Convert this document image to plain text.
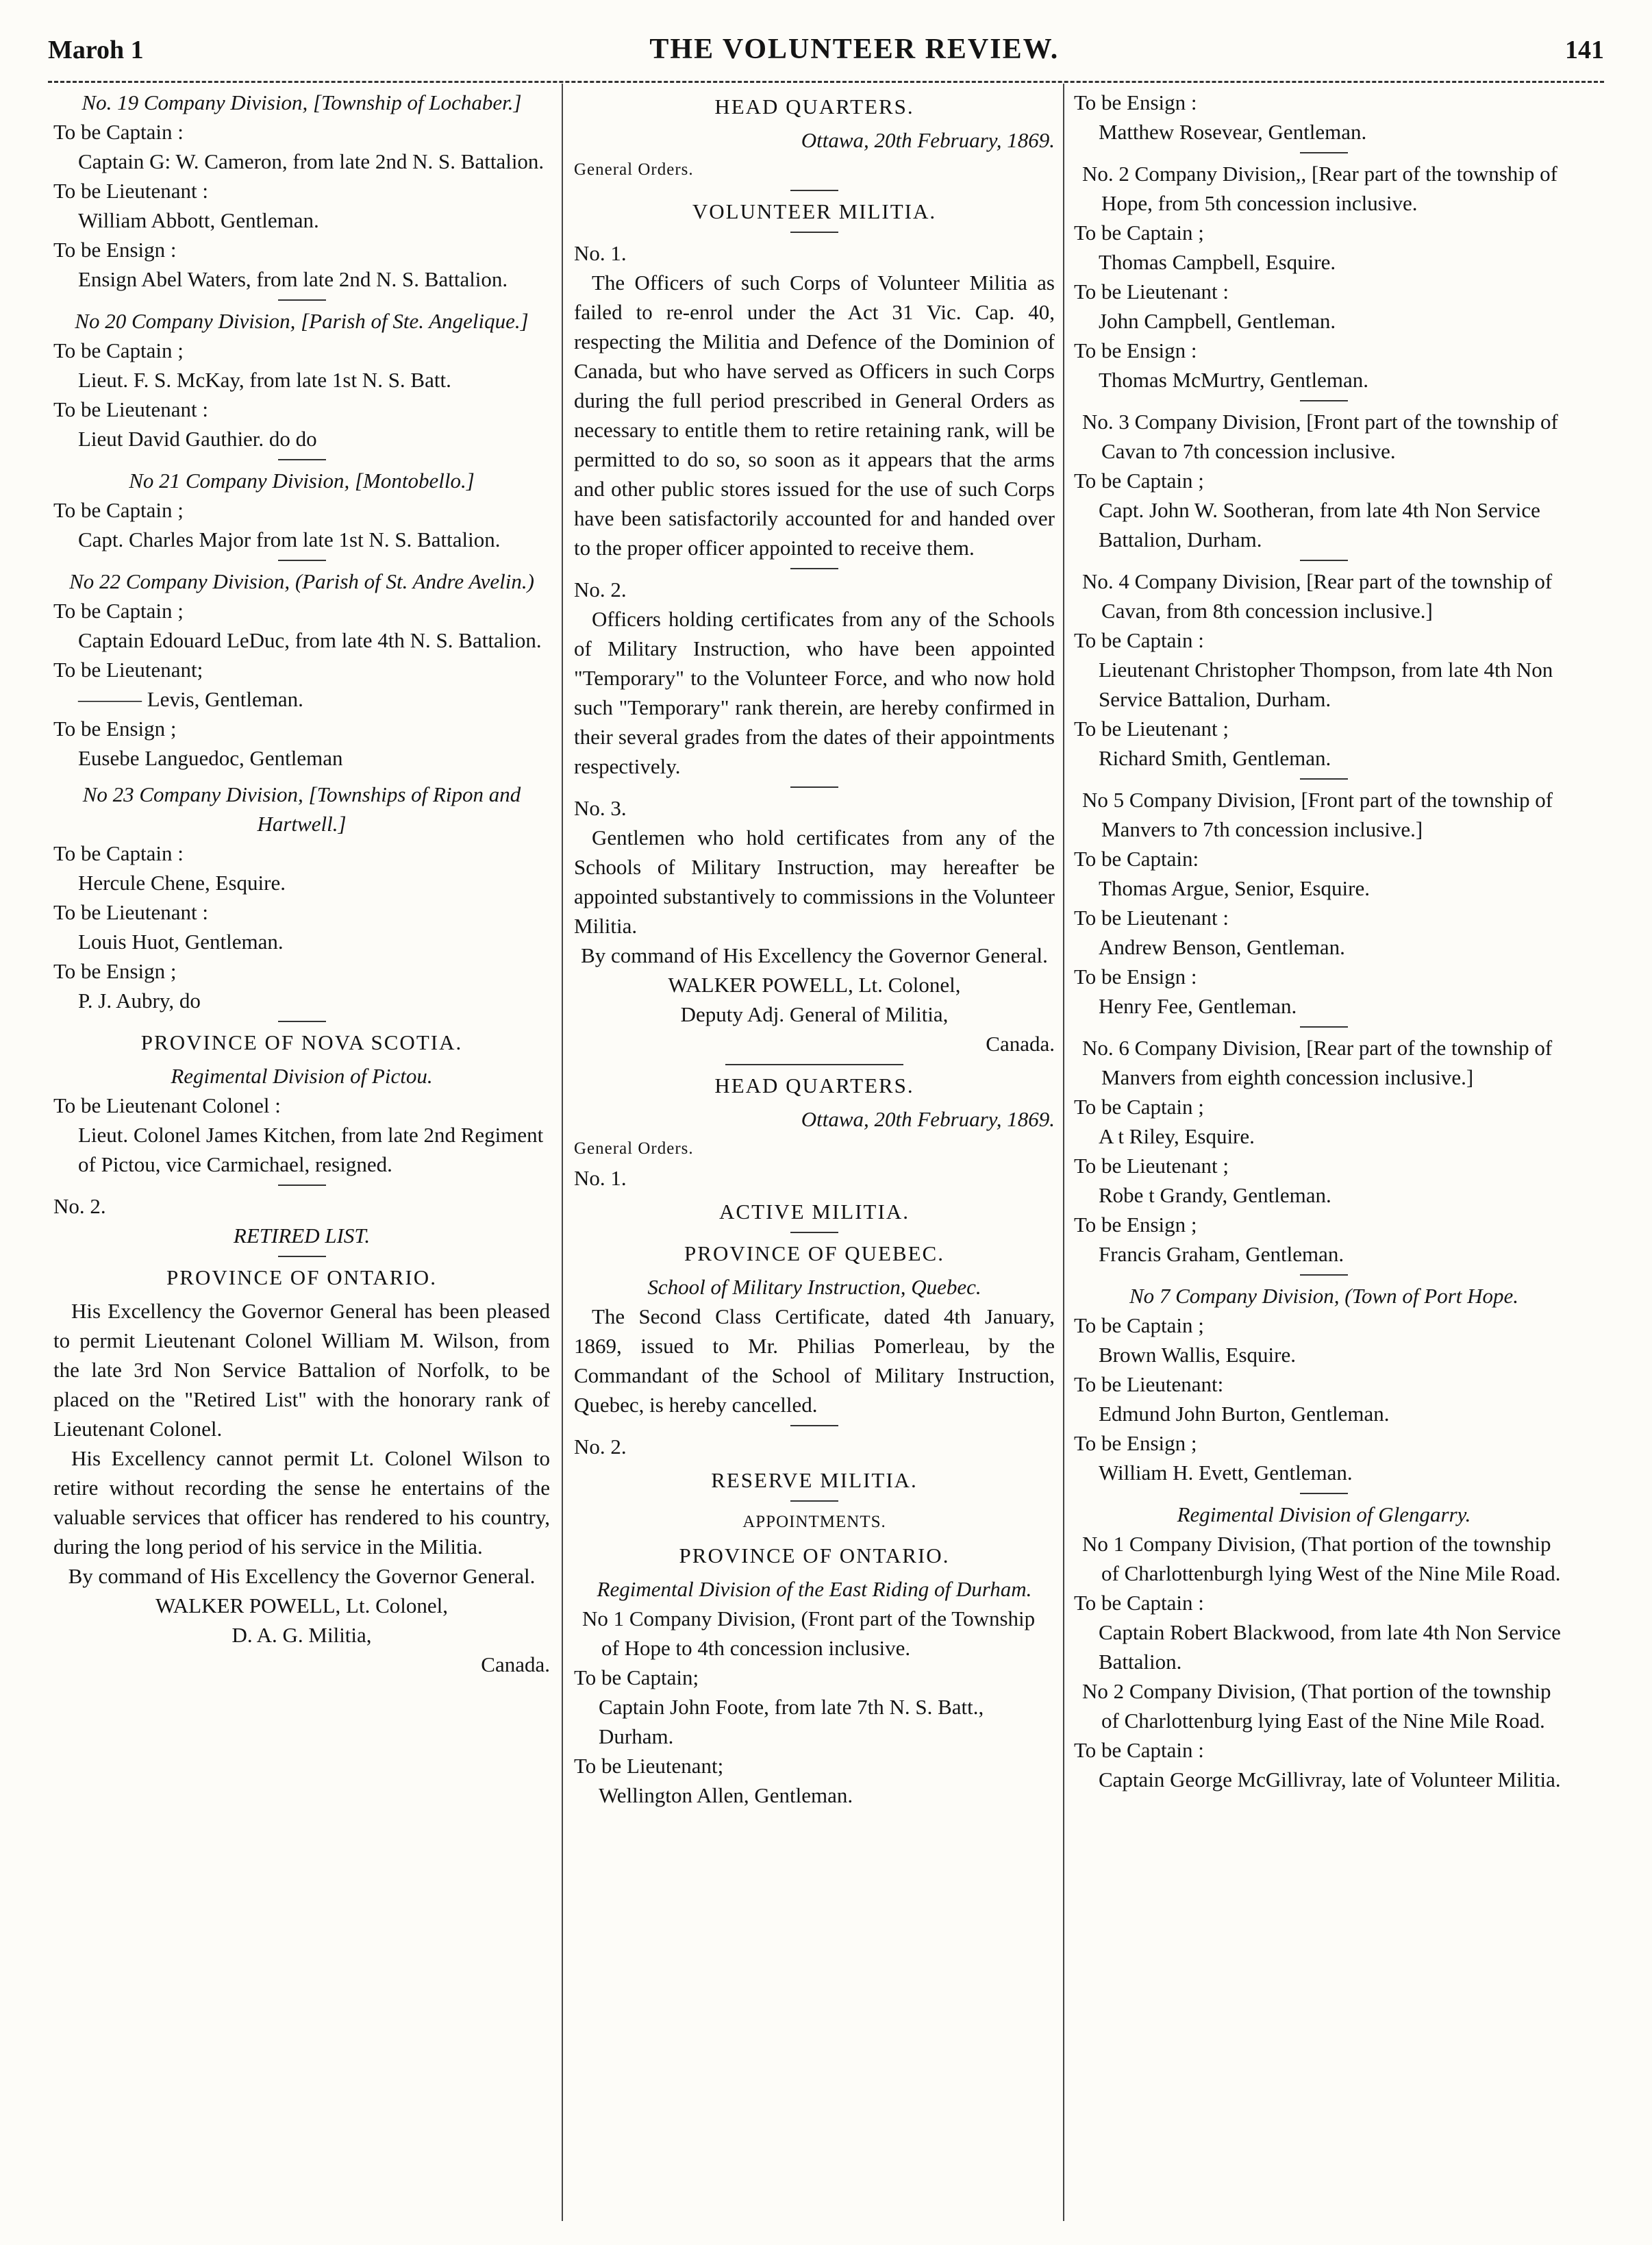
Maroh 1	THE VOLUNTEER REVIEW.	141

No. 19 Company Division, [Township of Lochaber.]

To be Captain :

Captain G: W. Cameron, from late 2nd N. S. Battalion.

To be Lieutenant :

William Abbott, Gentleman.

To be Ensign :

Ensign Abel Waters, from late 2nd N. S. Battalion.

No 20 Company Division, [Parish of Ste. Angelique.]

To be Captain ;

Lieut. F. S. McKay, from late 1st N. S. Batt.

To be Lieutenant :

Lieut David Gauthier. do do

No 21 Company Division, [Montobello.]

To be Captain ;

Capt. Charles Major from late 1st N. S. Battalion.

No 22 Company Division, (Parish of St. Andre Avelin.)

To be Captain ;

Captain Edouard LeDuc, from late 4th N. S. Battalion.

To be Lieutenant;

——— Levis, Gentleman.

To be Ensign ;

Eusebe Languedoc, Gentleman

No 23 Company Division, [Townships of Ripon and Hartwell.]

To be Captain :

Hercule Chene, Esquire.

To be Lieutenant :

Louis Huot, Gentleman.

To be Ensign ;

P. J. Aubry, do

PROVINCE OF NOVA SCOTIA.

Regimental Division of Pictou.

To be Lieutenant Colonel :

Lieut. Colonel James Kitchen, from late 2nd Regiment of Pictou, vice Carmichael, resigned.

No. 2.

RETIRED LIST.

PROVINCE OF ONTARIO.

His Excellency the Governor General has been pleased to permit Lieutenant Colonel William M. Wilson, from the late 3rd Non Service Battalion of Norfolk, to be placed on the "Retired List" with the honorary rank of Lieutenant Colonel.

His Excellency cannot permit Lt. Colonel Wilson to retire without recording the sense he entertains of the valuable services that officer has rendered to his country, during the long period of his service in the Militia.

By command of His Excellency the Governor General.

WALKER POWELL, Lt. Colonel,

D. A. G. Militia,

Canada.

HEAD QUARTERS.

Ottawa, 20th February, 1869.

General Orders.

VOLUNTEER MILITIA.

No. 1.

The Officers of such Corps of Volunteer Militia as failed to re-enrol under the Act 31 Vic. Cap. 40, respecting the Militia and Defence of the Dominion of Canada, but who have served as Officers in such Corps during the full period prescribed in General Orders as necessary to entitle them to retire retaining rank, will be permitted to do so, so soon as it appears that the arms and other public stores issued for the use of such Corps have been satisfactorily accounted for and handed over to the proper officer appointed to receive them.

No. 2.

Officers holding certificates from any of the Schools of Military Instruction, who have been appointed "Temporary" to the Volunteer Force, and who now hold such "Temporary" rank therein, are hereby confirmed in their several grades from the dates of their appointments respectively.

No. 3.

Gentlemen who hold certificates from any of the Schools of Military Instruction, may hereafter be appointed substantively to commissions in the Volunteer Militia.

By command of His Excellency the Governor General.

WALKER POWELL, Lt. Colonel,

Deputy Adj. General of Militia,

Canada.

HEAD QUARTERS.

Ottawa, 20th February, 1869.

General Orders.

No. 1.

ACTIVE MILITIA.

PROVINCE OF QUEBEC.

School of Military Instruction, Quebec.

The Second Class Certificate, dated 4th January, 1869, issued to Mr. Philias Pomerleau, by the Commandant of the School of Military Instruction, Quebec, is hereby cancelled.

No. 2.

RESERVE MILITIA.

APPOINTMENTS.

PROVINCE OF ONTARIO.

Regimental Division of the East Riding of Durham.

No 1 Company Division, (Front part of the Township of Hope to 4th concession inclusive.

To be Captain;

Captain John Foote, from late 7th N. S. Batt., Durham.

To be Lieutenant;

Wellington Allen, Gentleman.

To be Ensign :

Matthew Rosevear, Gentleman.

No. 2 Company Division,, [Rear part of the township of Hope, from 5th concession inclusive.

To be Captain ;

Thomas Campbell, Esquire.

To be Lieutenant :

John Campbell, Gentleman.

To be Ensign :

Thomas McMurtry, Gentleman.

No. 3 Company Division, [Front part of the township of Cavan to 7th concession inclusive.

To be Captain ;

Capt. John W. Sootheran, from late 4th Non Service Battalion, Durham.

No. 4 Company Division, [Rear part of the township of Cavan, from 8th concession inclusive.]

To be Captain :

Lieutenant Christopher Thompson, from late 4th Non Service Battalion, Durham.

To be Lieutenant ;

Richard Smith, Gentleman.

No 5 Company Division, [Front part of the township of Manvers to 7th concession inclusive.]

To be Captain:

Thomas Argue, Senior, Esquire.

To be Lieutenant :

Andrew Benson, Gentleman.

To be Ensign :

Henry Fee, Gentleman.

No. 6 Company Division, [Rear part of the township of Manvers from eighth concession inclusive.]

To be Captain ;

A t Riley, Esquire.

To be Lieutenant ;

Robe t Grandy, Gentleman.

To be Ensign ;

Francis Graham, Gentleman.

No 7 Company Division, (Town of Port Hope.

To be Captain ;

Brown Wallis, Esquire.

To be Lieutenant:

Edmund John Burton, Gentleman.

To be Ensign ;

William H. Evett, Gentleman.

Regimental Division of Glengarry.

No 1 Company Division, (That portion of the township of Charlottenburgh lying West of the Nine Mile Road.

To be Captain :

Captain Robert Blackwood, from late 4th Non Service Battalion.

No 2 Company Division, (That portion of the township of Charlottenburg lying East of the Nine Mile Road.

To be Captain :

Captain George McGillivray, late of Volunteer Militia.
